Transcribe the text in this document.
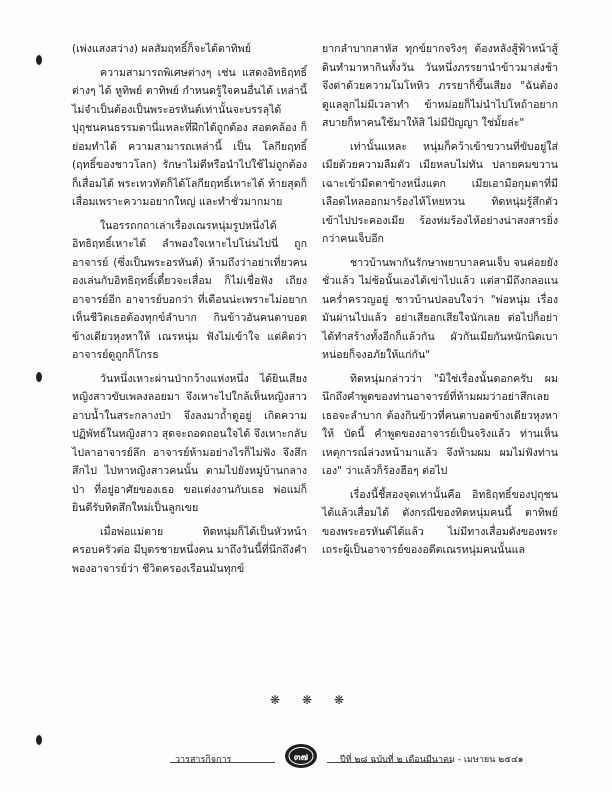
(เพ่งแสงสว่าง) ผลสัมฤทธิ์ก็จะได้ตาทิพย์

ความสามารถพิเศษต่างๆ เช่น แสดงอิทธิฤทธิ์ต่างๆ ได้ หูทิพย์ ตาทิพย์ กำหนดรู้ใจคนอื่นได้ เหล่านี้ไม่จำเป็นต้องเป็นพระอรหันต์เท่านั้นจะบรรลุได้ ปุถุชนคนธรรมดานี่แหละที่ฝึกได้ถูกต้อง สอดคล้อง ก็ย่อมทำได้ ความสามารถเหล่านี้ เป็น โลกียฤทธิ์ (ฤทธิ์ของชาวโลก) รักษาไม่ดีหรือนำไปใช้ไม่ถูกต้องก็เสื่อมได้ พระเทวทัตก็ได้โลกียฤทธิ์เหาะได้ ท้ายสุดก็เสื่อมเพราะความอยากใหญ่ และทำชั่วมากมาย

ในอรรถกถาเล่าเรื่องเณรหนุ่มรูปหนึ่งได้อิทธิฤทธิ์เหาะได้ ลำพองใจเหาะไปโน่นไปนี่ ถูกอาจารย์ (ซึ่งเป็นพระอรหันต์) ห้ามถึงว่าอย่าเที่ยวคนองเล่นกับอิทธิฤทธิ์เดี๋ยวจะเสื่อม ก็ไม่เชื่อฟัง เถียงอาจารย์อีก อาจารย์บอกว่า ที่เตือนน่ะเพราะไม่อยากเห็นชีวิตเธอต้องทุกข์ลำบาก กินข้าวอันคนตาบอดข้างเดียวหุงหาให้ เณรหนุ่ม ฟังไม่เข้าใจ แต่คิดว่าอาจารย์ดูถูกก็โกรธ

วันหนึ่งเหาะผ่านป่ากว้างแห่งหนึ่ง ได้ยินเสียงหญิงสาวขับเพลงลอยมา จึงเหาะไปใกล้เห็นหญิงสาวอาบน้ำในสระกลางป่า จึงลงมาถ้ำดูอยู่ เกิดความปฏิพัทธ์ในหญิงสาว สุดจะถอดถอนใจได้ จึงเหาะกลับไปลาอาจารย์ลึก อาจารย์ห้ามอย่างไรก็ไม่ฟัง จึงสึกสึกไป ไปหาหญิงสาวคนนั้น ตามไปยังหมู่บ้านกลางป่า ที่อยู่อาศัยของเธอ ขอแต่งงานกับเธอ พ่อแม่ก็ยินดีรับทิดสึกใหม่เป็นลูกเขย

เมื่อพ่อแม่ตาย ทิดหนุ่มก็ได้เป็นหัวหน้าครอบครัวต่อ มีบุตรชายหนึ่งคน มาถึงวันนี้ที่นึกถึงคำพองอาจารย์ว่า ชีวิตครองเรือนมันทุกข์

ยากลำบากสาหัส ทุกข์ยากจริงๆ ต้องหลังสู้ฟ้าหน้าสู้ดินทำมาหากินทั้งวัน วันหนึ่งภรรยานำข้าวมาส่งช้า จึงด่าด้วยความโมโหหิว ภรรยาก็ขึ้นเสียง "ฉันต้องดูแลลูกไม่มีเวลาทำ ข้าหม่อยก็ไม่นำไปโหถ้าอยากสบายก็หาคนใช้มาให้สิ ไม่มีปัญญา ใช่มั้ยล่ะ"

เท่านั้นแหละ หนุ่มก็คว้าเข้าขวานที่ขับอยู่ใส่เมียด้วยความลืมตัว เมียหลบไม่ทัน ปลายคมขวานเฉาะเข้ามีดตาข้างหนึ่งแตก เมียเอามือกุมตาที่มีเลือดไหลออกมาร้องไห้โหยหวน ทิดหนุ่มรู้สึกตัวเข้าไปประคองเมีย ร้องห่มร้องไห้อย่างน่าสงสารยิ่งกว่าคนเจ็บอีก

ชาวบ้านพากันรักษาพยาบาลคนเจ็บ จนค่อยยังชั่วแล้ว ไม่ช้อนั้นเองได้เข่าไปแล้ว แต่สามีถึงกลอแนนคร่ำครวญอยู่ ชาวบ้านปลอบใจว่า "พ่อหนุ่ม เรื่องมันผ่านไปแล้ว อย่าเสียอกเสียใจนักเลย ต่อไปก็อย่าได้ทำสร้างทั้งอีกก็แล้วกัน ผัวกันเมียกันหนักนิดเบาหน่อยก็จงอภัยให้แก่กัน"

ทิดหนุ่มกล่าวว่า "มิใช่เรื่องนั้นดอกครับ ผมนึกถึงคำพูดของท่านอาจารย์ที่ห้ามผมว่าอย่าสึกเลย เธอจะลำบาก ต้องกินข้าวที่คนตาบอดข้างเดียวหุงหาให้ บัดนี้ คำพูดของอาจารย์เป็นจริงแล้ว ท่านเห็นเหตุการณ์ล่วงหน้ามาแล้ว จึงห้ามผม ผมไม่ฟังท่านเอง" ว่าแล้วก็ร้องฮือๆ ต่อไป

เรื่องนี้ชี้สองจุดเท่านั้นคือ อิทธิฤทธิ์ของปุถุชนได้แล้วเสื่อมได้ ดังกรณีของทิดหนุ่มคนนี้ ตาทิพย์ ของพระอรหันต์ได้แล้ว ไม่มีทางเสื่อมดังของพระเถระผู้เป็นอาจารย์ของอดีตเณรหนุ่มคนนั้นแล

❋ ❋ ❋
วารสารกิจการ	๓๗	ปีที่ ๒๘ ฉบับที่ ๒ เดือนมีนาคม - เมษายน ๒๕๔๑
